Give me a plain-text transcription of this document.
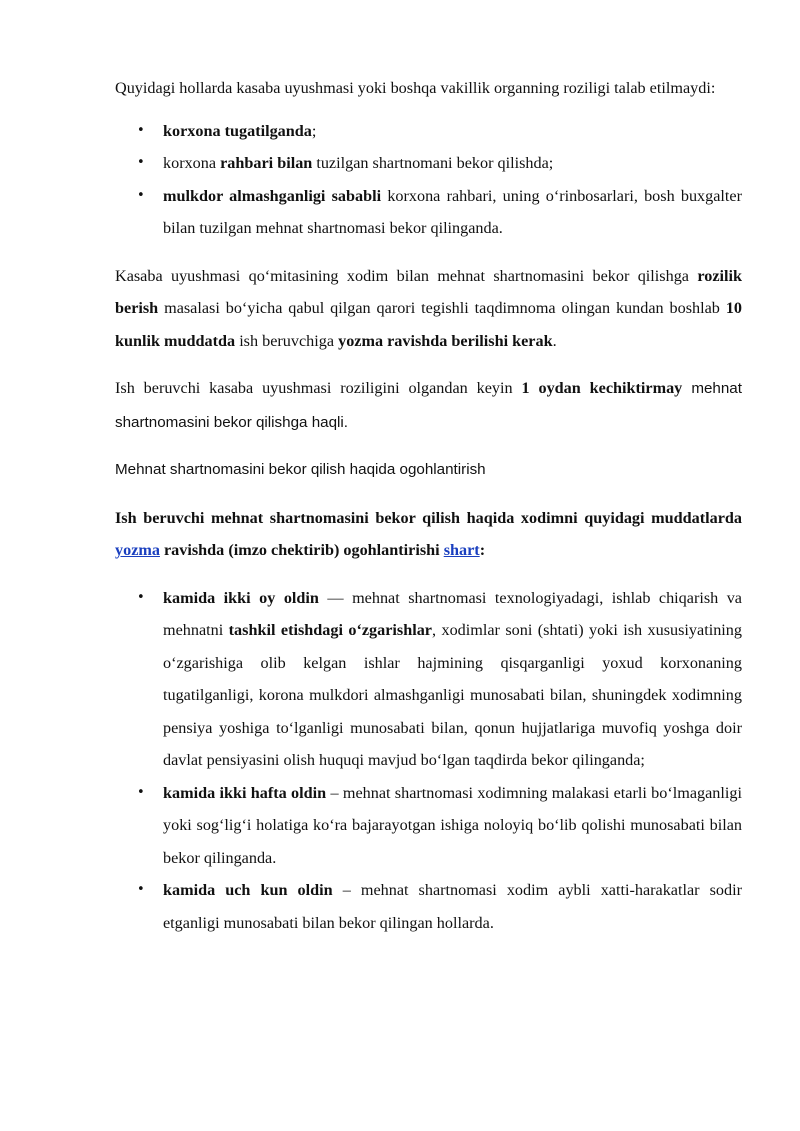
Quyidagi hollarda kasaba uyushmasi yoki boshqa vakillik organning roziligi talab etilmaydi:

• korxona tugatilganda;
• korxona rahbari bilan tuzilgan shartnomani bekor qilishda;
• mulkdor almashganligi sababli korxona rahbari, uning o‘rinbosarlari, bosh buxgalter bilan tuzilgan mehnat shartnomasi bekor qilinganda.

Kasaba uyushmasi qo‘mitasining xodim bilan mehnat shartnomasini bekor qilishga rozilik berish masalasi bo‘yicha qabul qilgan qarori tegishli taqdimnoma olingan kundan boshlab 10 kunlik muddatda ish beruvchiga yozma ravishda berilishi kerak.

Ish beruvchi kasaba uyushmasi roziligini olgandan keyin 1 oydan kechiktirmay mehnat shartnomasini bekor qilishga haqli.

Mehnat shartnomasini bekor qilish haqida ogohlantirish

Ish beruvchi mehnat shartnomasini bekor qilish haqida xodimni quyidagi muddatlarda yozma ravishda (imzo chektirib) ogohlantirishi shart:

• kamida ikki oy oldin — mehnat shartnomasi texnologiyadagi, ishlab chiqarish va mehnatni tashkil etishdagi o‘zgarishlar, xodimlar soni (shtati) yoki ish xususiyatining o‘zgarishiga olib kelgan ishlar hajmining qisqarganligi yoxud korxonaning tugatilganligi, korona mulkdori almashganligi munosabati bilan, shuningdek xodimning pensiya yoshiga to‘lganligi munosabati bilan, qonun hujjatlariga muvofiq yoshga doir davlat pensiyasini olish huquqi mavjud bo‘lgan taqdirda bekor qilinganda;
• kamida ikki hafta oldin – mehnat shartnomasi xodimning malakasi etarli bo‘lmaganligi yoki sog‘lig‘i holatiga ko‘ra bajarayotgan ishiga noloyiq bo‘lib qolishi munosabati bilan bekor qilinganda.
• kamida uch kun oldin – mehnat shartnomasi xodim aybli xatti-harakatlar sodir etganligi munosabati bilan bekor qilingan hollarda.
